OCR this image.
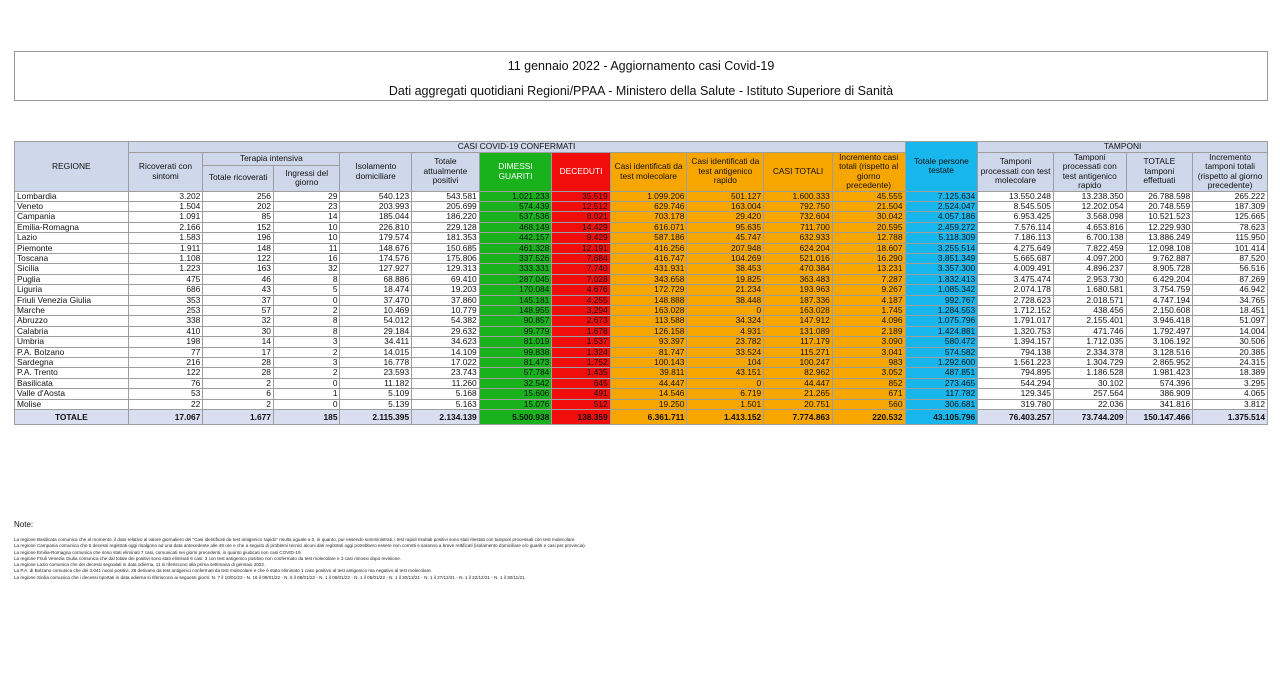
11 gennaio 2022 - Aggiornamento casi Covid-19
Dati aggregati quotidiani Regioni/PPAA - Ministero della Salute - Istituto Superiore di Sanità
REGIONE	CASI COVID-19 CONFERMATI											Totale persone testate	TAMPONI			
	Ricoverati con sintomi	Terapia intensiva		Isolamento domiciliare	Totale attualmente positivi	DIMESSI GUARITI	DECEDUTI	Casi identificati da test molecolare	Casi identificati da test antigenico rapido	CASI TOTALI	Incremento casi totali (rispetto al giorno precedente)		Tamponi processati con test molecolare	Tamponi processati con test antigenico rapido	TOTALE tamponi effettuati	Incremento tamponi totali (rispetto al giorno precedente)
		Totale ricoverati	Ingressi del giorno													
Lombardia	3.202	256	29	540.123	543.581	1.021.233	35.519	1.099.206	501.127	1.600.333	45.555	7.125.634	13.550.248	13.238.350	26.788.598	265.222
Veneto	1.504	202	23	203.993	205.699	574.439	12.512	629.746	163.004	792.750	21.504	2.524.047	8.545.505	12.202.054	20.748.559	187.309
Campania	1.091	85	14	185.044	186.220	537.536	8.021	703.178	29.420	732.604	30.042	4.057.186	6.953.425	3.568.098	10.521.523	125.665
Emilia-Romagna	2.166	152	10	226.810	229.128	468.149	14.429	616.071	95.635	711.700	20.595	2.459.272	7.576.114	4.653.816	12.229.930	78.623
Lazio	1.583	196	10	179.574	181.353	442.157	9.429	587.186	45.747	632.933	12.788	5.118.309	7.186.113	6.700.138	13.886.249	115.950
Piemonte	1.911	148	11	148.676	150.685	461.328	12.191	416.256	207.948	624.204	18.607	3.255.514	4.275.649	7.822.459	12.098.108	101.414
Toscana	1.108	122	16	174.576	175.806	337.526	7.684	416.747	104.269	521.016	16.290	3.851.349	5.665.687	4.097.200	9.762.887	87.520
Sicilia	1.223	163	32	127.927	129.313	333.331	7.740	431.931	38.453	470.384	13.231	3.357.300	4.009.491	4.896.237	8.905.728	56.516
Puglia	475	46	8	68.886	69.410	287.045	7.028	343.658	19.825	363.483	7.287	1.832.413	3.475.474	2.953.730	6.429.204	87.269
Liguria	686	43	5	18.474	19.203	170.084	4.676	172.729	21.234	193.963	9.267	1.085.342	2.074.178	1.680.581	3.754.759	46.942
Friuli Venezia Giulia	353	37	0	37.470	37.860	145.181	4.255	148.888	38.448	187.336	4.187	992.767	2.728.623	2.018.571	4.747.194	34.765
Marche	253	57	2	10.469	10.779	148.955	3.294	163.028	0	163.028	1.745	1.284.553	1.712.152	438.456	2.150.608	18.451
Abruzzo	338	32	8	54.012	54.382	90.857	2.673	113.588	34.324	147.912	4.096	1.075.796	1.791.017	2.155.401	3.946.418	51.097
Calabria	410	30	8	29.184	29.632	99.779	1.678	126.158	4.931	131.089	2.189	1.424.881	1.320.753	471.746	1.792.497	14.004
Umbria	198	14	3	34.411	34.623	81.019	1.537	93.397	23.782	117.179	3.090	580.472	1.394.157	1.712.035	3.106.192	30.506
P.A. Bolzano	77	17	2	14.015	14.109	99.838	1.324	81.747	33.524	115.271	3.041	574.582	794.138	2.334.378	3.128.516	20.385
Sardegna	216	28	3	16.778	17.022	81.473	1.752	100.143	104	100.247	983	1.292.600	1.561.223	1.304.729	2.865.952	24.315
P.A. Trento	122	28	2	23.593	23.743	57.784	1.435	39.811	43.151	82.962	3.052	487.851	794.895	1.186.528	1.981.423	18.389
Basilicata	76	2	0	11.182	11.260	32.542	645	44.447	0	44.447	852	273.465	544.294	30.102	574.396	3.295
Valle d'Aosta	53	6	1	5.109	5.168	15.606	491	14.546	6.719	21.265	671	117.782	129.345	257.564	386.909	4.065
Molise	22	2	0	5.139	5.163	15.076	512	19.250	1.501	20.751	560	306.681	319.780	22.036	341.816	3.812
TOTALE	17.067	1.677	185	2.115.395	2.134.139	5.500.938	138.359	6.361.711	1.413.152	7.774.863	220.532	43.105.796	76.403.257	73.744.209	150.147.466	1.375.514
Note:
La regione Basilicata comunica che al momento, il dato relativo al valore giornaliero dei "Casi identificati da test antigenico rapido" risulta uguale a 0, in quanto, pur essendo somministrati, i test rapidi risultati positivi sono stati ritestati con tamponi processati con test molecolare.
La regione Campania comunica che 5 decessi registrati oggi risalgono ad una data antecedente alle 48 ore e che a seguito di problemi tecnici alcuni dati registrati oggi potrebbero essere non corretti e saranno a breve rettificati (isolamento domiciliare e/o guariti e casi per provincia).
La regione Emilia-Romagna comunica che sono stati eliminati 7 casi, comunicati nei giorni precedenti, in quanto giudicati non casi COVID-19.
La regione Friuli Venezia Giulia comunica che dal totale dei positivi sono stati eliminati 6 casi: 3 con test antigenico positivo non confermato da test molecolare e 3 casi rimossi dopo revisione.
La regione Lazio comunica che dei decessi segnalati in data odierna, 11 si riferiscono alla prima settimana di gennaio 2022.
La P.A. di Bolzano comunica che dei 3.041 nuovi positivi, 28 derivano da test antigenici confermati da test molecolare e che è stato eliminato 1 caso positivo al test antigenico ma negativo al test molecolare.
La regione Sicilia comunica che i decessi riportati in data odierna si riferiscono ai seguenti giorni: N. 7 il 10/01/22 - N. 16 il 09/01/22 - N. 5 il 08/01/22 - N. 1 il 06/01/22 - N. 1 il 05/01/22 - N. 1 il 30/12/21 - N. 1 il 27/12/21 - N. 1 il 22/12/21 - N. 1 il 30/11/21.
